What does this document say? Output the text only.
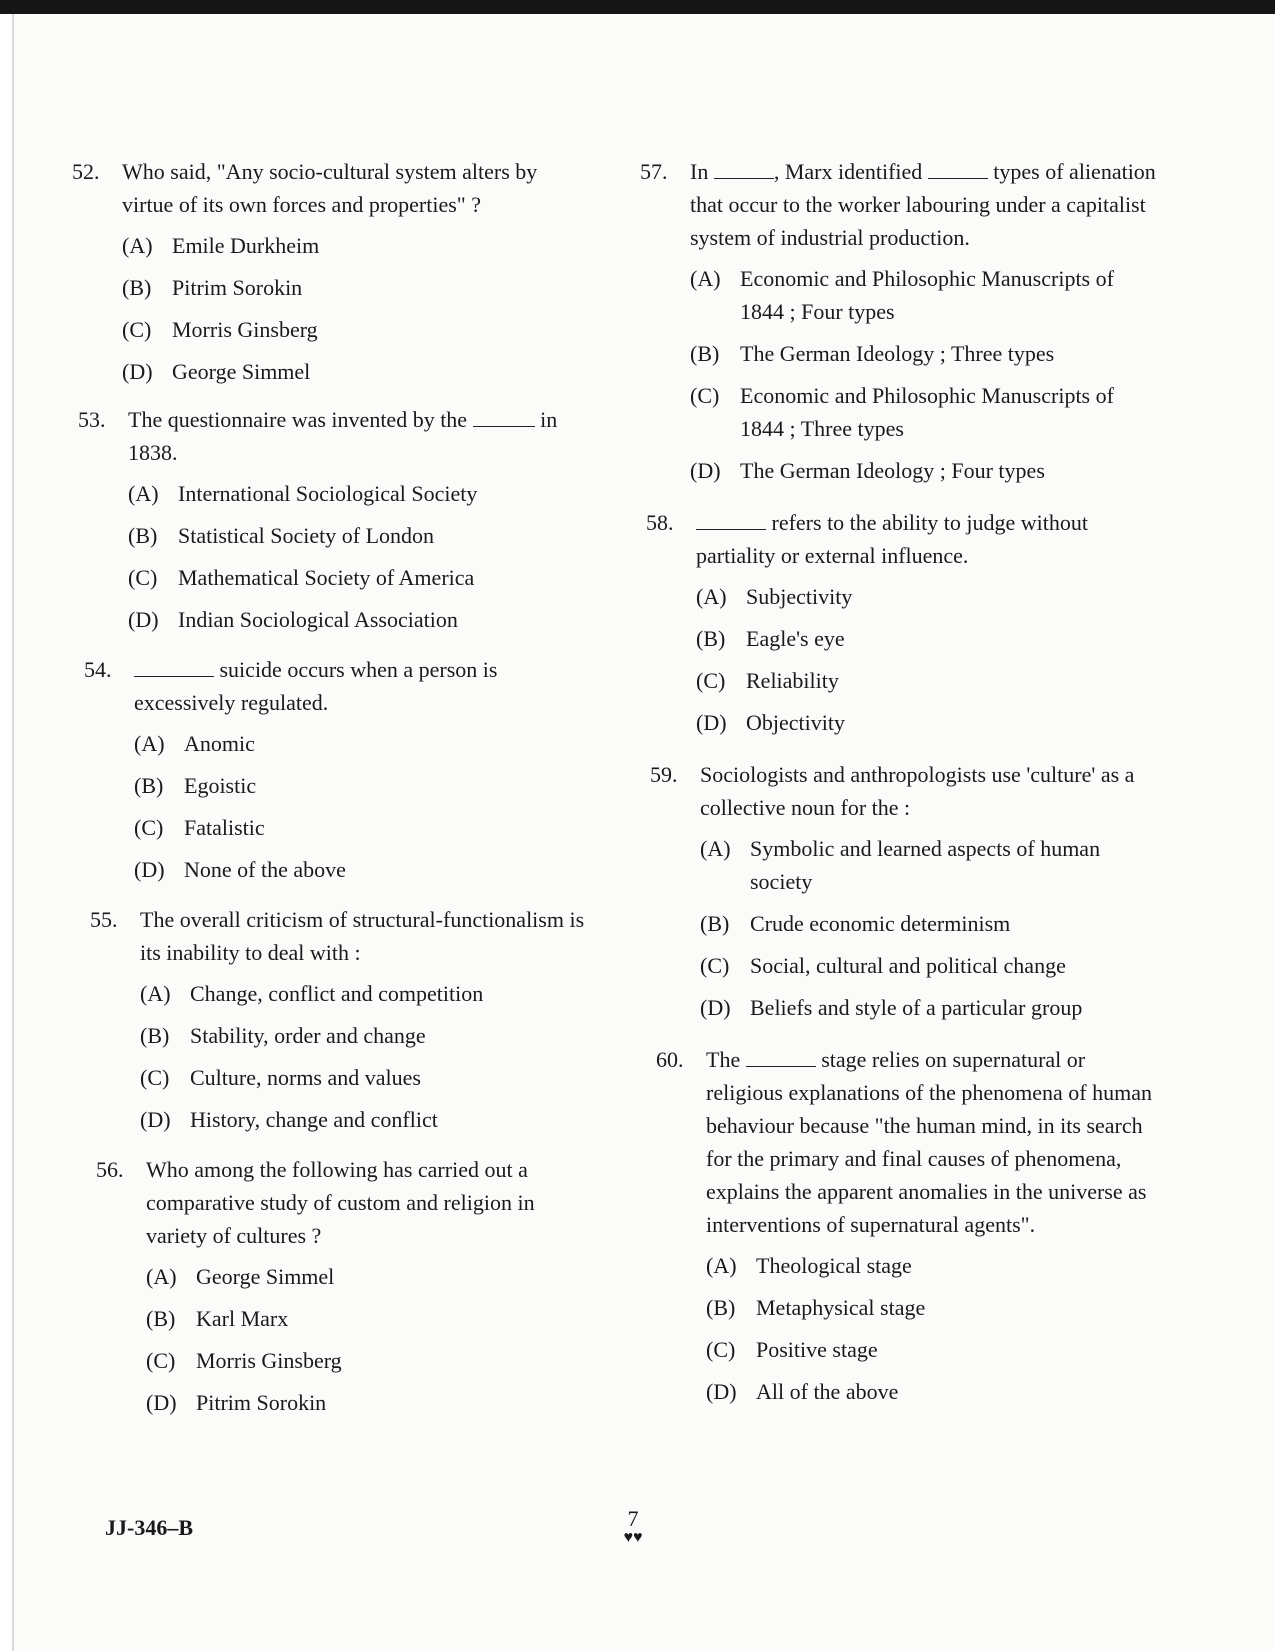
52.	Who said, "Any socio-cultural system alters by virtue of its own forces and properties" ?
(A) Emile Durkheim
(B) Pitrim Sorokin
(C) Morris Ginsberg
(D) George Simmel
53.	The questionnaire was invented by the	in 1838.
(A) International Sociological Society
(B) Statistical Society of London
(C) Mathematical Society of America
(D) Indian Sociological Association
54.	suicide occurs when a person is excessively regulated.
(A) Anomic
(B) Egoistic
(C) Fatalistic
(D) None of the above
55.	The overall criticism of structural-functionalism is its inability to deal with :
(A) Change, conflict and competition
(B) Stability, order and change
(C) Culture, norms and values
(D) History, change and conflict
56.	Who among the following has carried out a comparative study of custom and religion in variety of cultures ?
(A) George Simmel
(B) Karl Marx
(C) Morris Ginsberg
(D) Pitrim Sorokin
57.	In	, Marx identified	types of alienation that occur to the worker labouring under a capitalist system of industrial production.
(A) Economic and Philosophic Manuscripts of 1844 ; Four types
(B) The German Ideology ; Three types
(C) Economic and Philosophic Manuscripts of 1844 ; Three types
(D) The German Ideology ; Four types
58.	refers to the ability to judge without partiality or external influence.
(A) Subjectivity
(B) Eagle's eye
(C) Reliability
(D) Objectivity
59.	Sociologists and anthropologists use 'culture' as a collective noun for the :
(A) Symbolic and learned aspects of human society
(B) Crude economic determinism
(C) Social, cultural and political change
(D) Beliefs and style of a particular group
60.	The	stage relies on supernatural or religious explanations of the phenomena of human behaviour because "the human mind, in its search for the primary and final causes of phenomena, explains the apparent anomalies in the universe as interventions of supernatural agents".
(A) Theological stage
(B) Metaphysical stage
(C) Positive stage
(D) All of the above
JJ-346–B	7
♥♥
